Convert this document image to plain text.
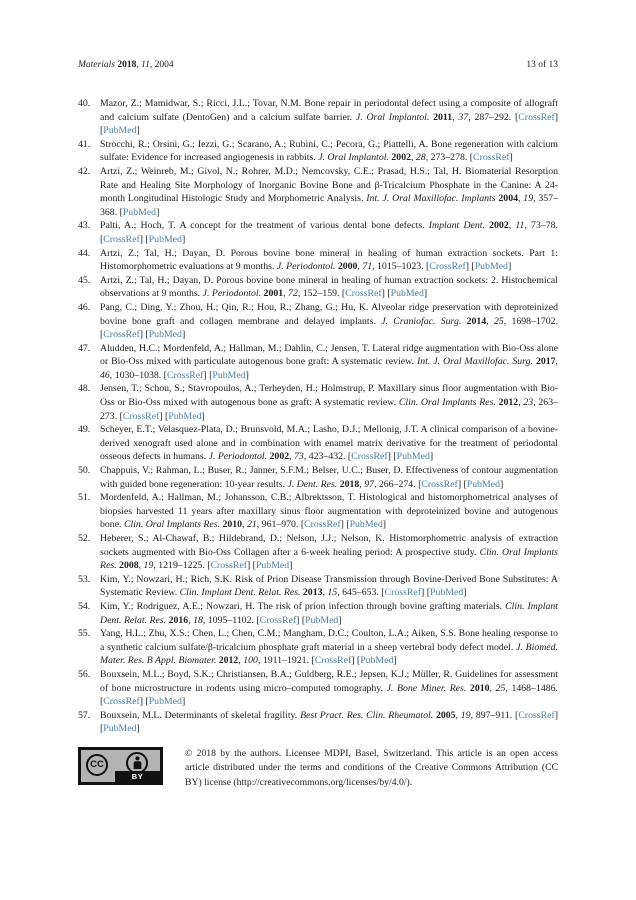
Materials 2018, 11, 2004	13 of 13
40. Mazor, Z.; Mamidwar, S.; Ricci, J.L.; Tovar, N.M. Bone repair in periodontal defect using a composite of allograft and calcium sulfate (DentoGen) and a calcium sulfate barrier. J. Oral Implantol. 2011, 37, 287–292. [CrossRef] [PubMed]
41. Strocchi, R.; Orsini, G.; Iezzi, G.; Scarano, A.; Rubini, C.; Pecora, G.; Piattelli, A. Bone regeneration with calcium sulfate: Evidence for increased angiogenesis in rabbits. J. Oral Implantol. 2002, 28, 273–278. [CrossRef]
42. Artzi, Z.; Weinreb, M.; Givol, N.; Rohrer, M.D.; Nemcovsky, C.E.; Prasad, H.S.; Tal, H. Biomaterial Resorption Rate and Healing Site Morphology of Inorganic Bovine Bone and β-Tricalcium Phosphate in the Canine: A 24-month Longitudinal Histologic Study and Morphometric Analysis. Int. J. Oral Maxillofac. Implants 2004, 19, 357–368. [PubMed]
43. Palti, A.; Hoch, T. A concept for the treatment of various dental bone defects. Implant Dent. 2002, 11, 73–78. [CrossRef] [PubMed]
44. Artzi, Z.; Tal, H.; Dayan, D. Porous bovine bone mineral in healing of human extraction sockets. Part 1: Histomorphometric evaluations at 9 months. J. Periodontol. 2000, 71, 1015–1023. [CrossRef] [PubMed]
45. Artzi, Z.; Tal, H.; Dayan, D. Porous bovine bone mineral in healing of human extraction sockets: 2. Histochemical observations at 9 months. J. Periodontol. 2001, 72, 152–159. [CrossRef] [PubMed]
46. Pang, C.; Ding, Y.; Zhou, H.; Qin, R.; Hou, R.; Zhang, G.; Hu, K. Alveolar ridge preservation with deproteinized bovine bone graft and collagen membrane and delayed implants. J. Craniofac. Surg. 2014, 25, 1698–1702. [CrossRef] [PubMed]
47. Aludden, H.C.; Mordenfeld, A.; Hallman, M.; Dahlin, C.; Jensen, T. Lateral ridge augmentation with Bio-Oss alone or Bio-Oss mixed with particulate autogenous bone graft: A systematic review. Int. J. Oral Maxillofac. Surg. 2017, 46, 1030–1038. [CrossRef] [PubMed]
48. Jensen, T.; Schou, S.; Stavropoulos, A.; Terheyden, H.; Holmstrup, P. Maxillary sinus floor augmentation with Bio-Oss or Bio-Oss mixed with autogenous bone as graft: A systematic review. Clin. Oral Implants Res. 2012, 23, 263–273. [CrossRef] [PubMed]
49. Scheyer, E.T.; Velasquez-Plata, D.; Brunsvold, M.A.; Lasho, D.J.; Mellonig, J.T. A clinical comparison of a bovine-derived xenograft used alone and in combination with enamel matrix derivative for the treatment of periodontal osseous defects in humans. J. Periodontol. 2002, 73, 423–432. [CrossRef] [PubMed]
50. Chappuis, V.; Rahman, L.; Buser, R.; Janner, S.F.M.; Belser, U.C.; Buser, D. Effectiveness of contour augmentation with guided bone regeneration: 10-year results. J. Dent. Res. 2018, 97, 266–274. [CrossRef] [PubMed]
51. Mordenfeld, A.; Hallman, M.; Johansson, C.B.; Albrektsson, T. Histological and histomorphometrical analyses of biopsies harvested 11 years after maxillary sinus floor augmentation with deproteinized bovine and autogenous bone. Clin. Oral Implants Res. 2010, 21, 961–970. [CrossRef] [PubMed]
52. Heberer, S.; Al-Chawaf, B.; Hildebrand, D.; Nelson, J.J.; Nelson, K. Histomorphometric analysis of extraction sockets augmented with Bio-Oss Collagen after a 6-week healing period: A prospective study. Clin. Oral Implants Res. 2008, 19, 1219–1225. [CrossRef] [PubMed]
53. Kim, Y.; Nowzari, H.; Rich, S.K. Risk of Prion Disease Transmission through Bovine-Derived Bone Substitutes: A Systematic Review. Clin. Implant Dent. Relat. Res. 2013, 15, 645–653. [CrossRef] [PubMed]
54. Kim, Y.; Rodriguez, A.E.; Nowzari, H. The risk of prion infection through bovine grafting materials. Clin. Implant Dent. Relat. Res. 2016, 18, 1095–1102. [CrossRef] [PubMed]
55. Yang, H.L.; Zhu, X.S.; Chen, L.; Chen, C.M.; Mangham, D.C.; Coulton, L.A.; Aiken, S.S. Bone healing response to a synthetic calcium sulfate/β-tricalcium phosphate graft material in a sheep vertebral body defect model. J. Biomed. Mater. Res. B Appl. Biomater. 2012, 100, 1911–1921. [CrossRef] [PubMed]
56. Bouxsein, M.L.; Boyd, S.K.; Christiansen, B.A.; Guldberg, R.E.; Jepsen, K.J.; Müller, R. Guidelines for assessment of bone microstructure in rodents using micro–computed tomography. J. Bone Miner. Res. 2010, 25, 1468–1486. [CrossRef] [PubMed]
57. Bouxsein, M.L. Determinants of skeletal fragility. Best Pract. Res. Clin. Rheumatol. 2005, 19, 897–911. [CrossRef] [PubMed]
CC
BY

© 2018 by the authors. Licensee MDPI, Basel, Switzerland. This article is an open access article distributed under the terms and conditions of the Creative Commons Attribution (CC BY) license (http://creativecommons.org/licenses/by/4.0/).
